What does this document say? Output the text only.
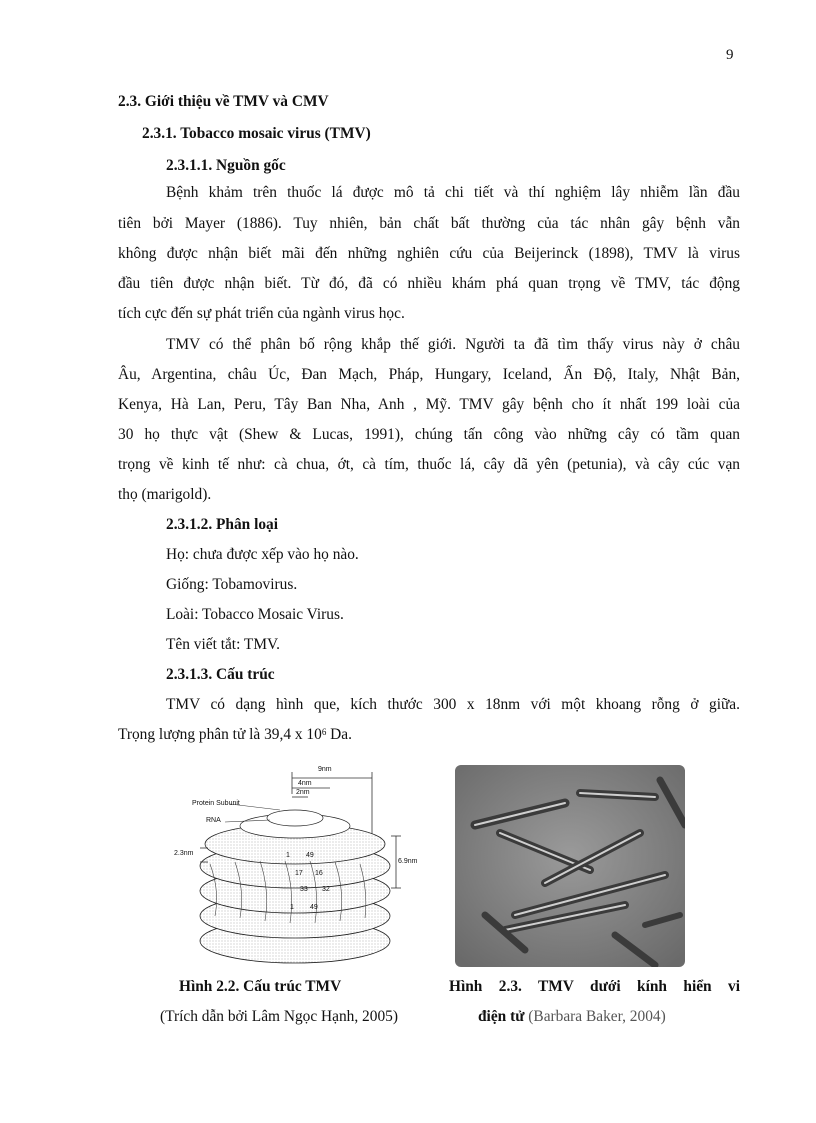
9
2.3. Giới thiệu về TMV và CMV
2.3.1. Tobacco mosaic virus (TMV)
2.3.1.1. Nguồn gốc
Bệnh khảm trên thuốc lá được mô tả chi tiết và thí nghiệm lây nhiễm lần đầu
tiên bởi Mayer (1886). Tuy nhiên, bản chất bất thường của tác nhân gây bệnh vẫn
không được nhận biết mãi đến những nghiên cứu của Beijerinck (1898), TMV là virus
đầu tiên được nhận biết. Từ đó, đã có nhiều khám phá quan trọng về TMV, tác động
tích cực đến sự phát triển của ngành virus học.
TMV có thể phân bố rộng khắp thế giới. Người ta đã tìm thấy virus này ở châu
Âu, Argentina, châu Úc, Đan Mạch, Pháp, Hungary, Iceland, Ấn Độ, Italy, Nhật Bản,
Kenya, Hà Lan, Peru, Tây Ban Nha, Anh , Mỹ. TMV gây bệnh cho ít nhất 199 loài của
30 họ thực vật (Shew & Lucas, 1991), chúng tấn công vào những cây có tầm quan
trọng về kinh tế như: cà chua, ớt, cà tím, thuốc lá, cây dã yên (petunia), và cây cúc vạn
thọ (marigold).
2.3.1.2. Phân loại
Họ: chưa được xếp vào họ nào.
Giống: Tobamovirus.
Loài: Tobacco Mosaic Virus.
Tên viết tắt: TMV.
2.3.1.3. Cấu trúc
TMV có dạng hình que, kích thước 300 x 18nm với một khoang rỗng ở giữa.
Trọng lượng phân tử là 39,4 x $10^6$ Da.
9nm
4nm
2nm
Protein Subunit
RNA
2.3nm
6.9nm
1 49
17 16
33 32
1 49
Hình 2.2. Cấu trúc TMV
(Trích dẫn bởi Lâm Ngọc Hạnh, 2005)
Hình 2.3. TMV dưới kính hiển vi
điện tử (Barbara Baker, 2004)
